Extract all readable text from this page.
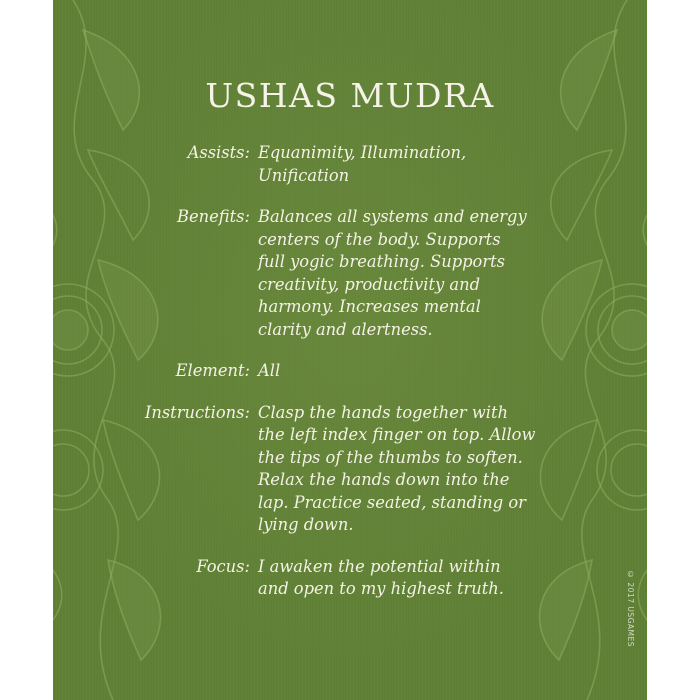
USHAS MUDRA
Assists: Equanimity, Illumination,
Unification
Benefits: Balances all systems and energy
centers of the body. Supports
full yogic breathing. Supports
creativity, productivity and
harmony. Increases mental
clarity and alertness.
Element: All
Instructions: Clasp the hands together with
the left index finger on top. Allow
the tips of the thumbs to soften.
Relax the hands down into the
lap. Practice seated, standing or
lying down.
Focus: I awaken the potential within
and open to my highest truth.	© 2017 USGAMES
